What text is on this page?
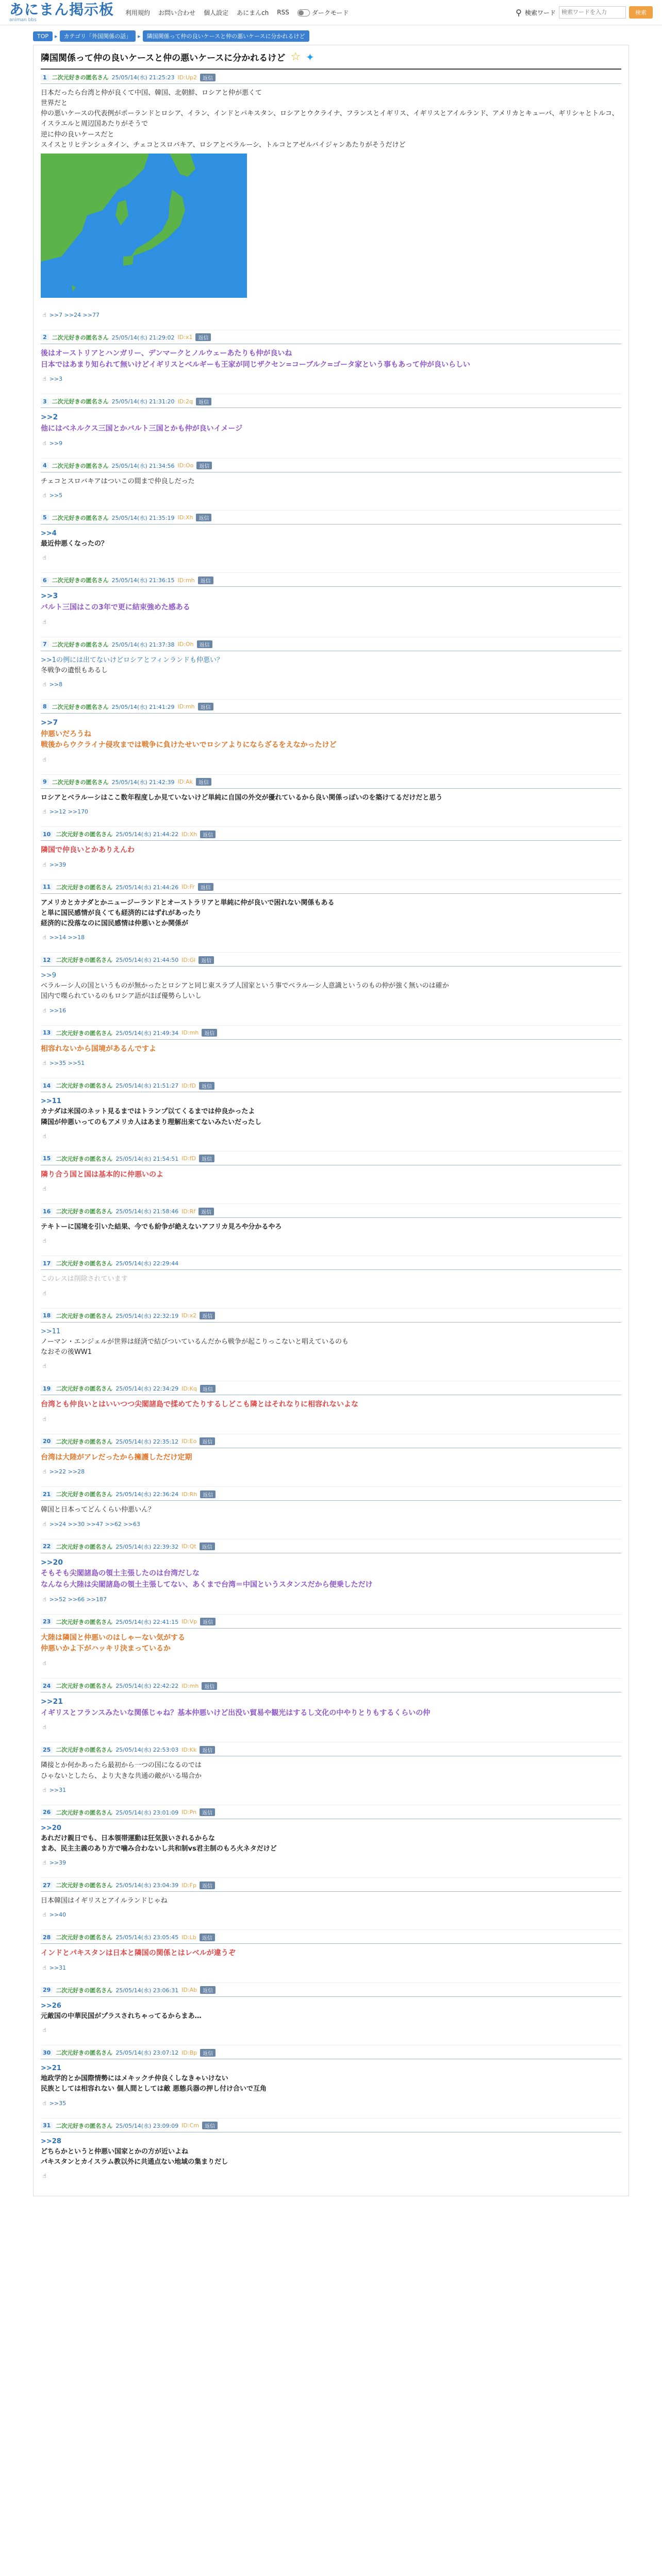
あにまん掲示板
animan bbs
利用規約 お問い合わせ 個人設定 あにまんch RSS	ダークモード	⚲ 検索ワード
検索ワードを入力	検索
TOP	▸	カテゴリ「外国関係の話」	▸	隣国関係って仲の良いケースと仲の悪いケースに分かれるけど
隣国関係って仲の良いケースと仲の悪いケースに分かれるけど ☆ ✦
1 二次元好きの匿名さん 25/05/14(水) 21:25:23 ID:Up2	返信
日本だったら台湾と仲が良くて中国、韓国、北朝鮮、ロシアと仲が悪くて
世界だと
仲の悪いケースの代表例がポーランドとロシア、イラン、インドとパキスタン、ロシアとウクライナ、フランスとイギリス、イギリスとアイルランド、アメリカとキューバ、ギリシャとトルコ、イスラエルと周辺国あたりがそうで
逆に仲の良いケースだと
スイスとリヒテンシュタイン、チェコとスロバキア、ロシアとベラルーシ、トルコとアゼルバイジャンあたりがそうだけど
☝ >>7 >>24 >>77
2 二次元好きの匿名さん 25/05/14(水) 21:29:02 ID:x1	返信
後はオーストリアとハンガリー、デンマークとノルウェーあたりも仲が良いね
日本ではあまり知られて無いけどイギリスとベルギーも王家が同じザクセン=コーブルク=ゴータ家という事もあって仲が良いらしい
☝ >>3
3 二次元好きの匿名さん 25/05/14(水) 21:31:20 ID:2q	返信
>>2
他にはベネルクス三国とかバルト三国とかも仲が良いイメージ
☝ >>9
4 二次元好きの匿名さん 25/05/14(水) 21:34:56 ID:Oo	返信
チェコとスロバキアはついこの間まで仲良しだった
☝ >>5
5 二次元好きの匿名さん 25/05/14(水) 21:35:19 ID:Xh	返信
>>4
最近仲悪くなったの？
☝
6 二次元好きの匿名さん 25/05/14(水) 21:36:15 ID:mh	返信
>>3
バルト三国はこの3年で更に結束強めた感ある
☝
7 二次元好きの匿名さん 25/05/14(水) 21:37:38 ID:Oh	返信
>>1の例には出てないけどロシアとフィンランドも仲悪い？
冬戦争の遺恨もあるし
☝ >>8
8 二次元好きの匿名さん 25/05/14(水) 21:41:29 ID:mh	返信
>>7
仲悪いだろうね
戦後からウクライナ侵攻までは戦争に負けたせいでロシアよりにならざるをえなかったけど
☝
9 二次元好きの匿名さん 25/05/14(水) 21:42:39 ID:Ak	返信
ロシアとベラルーシはここ数年程度しか見ていないけど単純に自国の外交が優れているから良い関係っぽいのを築けてるだけだと思う
☝ >>12 >>170
10 二次元好きの匿名さん 25/05/14(水) 21:44:22 ID:Xh	返信
隣国で仲良いとかありえんわ
☝ >>39
11 二次元好きの匿名さん 25/05/14(水) 21:44:26 ID:Fr	返信
アメリカとカナダとかニュージーランドとオーストラリアと単純に仲が良いで困れない関係もある
と単に国民感情が良くても経済的にはずれがあったり
経済的に没落なのに国民感情は仲悪いとか関係が
☝ >>14 >>18
12 二次元好きの匿名さん 25/05/14(水) 21:44:50 ID:Gl	返信
>>9
ベラルーシ人の国というものが無かったとロシアと同じ東スラブ人国家という事でベラルーシ人意識というのもの仲が強く無いのは確か
国内で喋られているのもロシア語がほぼ優勢らしいし
☝ >>16
13 二次元好きの匿名さん 25/05/14(水) 21:49:34 ID:mh	返信
相容れないから国境があるんですよ
☝ >>35 >>51
14 二次元好きの匿名さん 25/05/14(水) 21:51:27 ID:fD	返信
>>11
カナダは米国のネット見るまではトランプ以てくるまでは仲良かったよ
隣国が仲悪いってのもアメリカ人はあまり理解出来てないみたいだったし
☝
15 二次元好きの匿名さん 25/05/14(水) 21:54:51 ID:fD	返信
隣り合う国と国は基本的に仲悪いのよ
☝
16 二次元好きの匿名さん 25/05/14(水) 21:58:46 ID:Rf	返信
テキトーに国境を引いた結果、今でも紛争が絶えないアフリカ見ろや分かるやろ
☝
17 二次元好きの匿名さん 25/05/14(水) 22:29:44
このレスは削除されています
☝
18 二次元好きの匿名さん 25/05/14(水) 22:32:19 ID:x2	返信
>>11
ノーマン・エンジェルが世界は経済で結びついているんだから戦争が起こりっこないと唱えているのも
なおその後WW1
☝
19 二次元好きの匿名さん 25/05/14(水) 22:34:29 ID:Kq	返信
台湾とも仲良いとはいいつつ尖閣諸島で揉めてたりするしどこも隣とはそれなりに相容れないよな
☝
20 二次元好きの匿名さん 25/05/14(水) 22:35:12 ID:Eo	返信
台湾は大陸がアレだったから擁護しただけ定期
☝ >>22 >>28
21 二次元好きの匿名さん 25/05/14(水) 22:36:24 ID:Rh	返信
韓国と日本ってどんくらい仲悪いん？
☝ >>24 >>30 >>47 >>62 >>63
22 二次元好きの匿名さん 25/05/14(水) 22:39:32 ID:Qt	返信
>>20
そもそも尖閣諸島の領土主張したのは台湾だしな
なんなら大陸は尖閣諸島の領土主張してない、あくまで台湾＝中国というスタンスだから便乗しただけ
☝ >>52 >>66 >>187
23 二次元好きの匿名さん 25/05/14(水) 22:41:15 ID:Vp	返信
大陸は隣国と仲悪いのはしゃーない気がする
仲悪いかよ下がハッキリ決まっているか
☝
24 二次元好きの匿名さん 25/05/14(水) 22:42:22 ID:mh	返信
>>21
イギリスとフランスみたいな関係じゃね？基本仲悪いけど出没い貿易や観光はするし文化の中やりとりもするくらいの仲
☝
25 二次元好きの匿名さん 25/05/14(水) 22:53:03 ID:Kk	返信
隣接とか何かあったら最初から一つの国になるのでは
ひゃないとしたら、より大きな共通の敵がいる場合か
☝ >>31
26 二次元好きの匿名さん 25/05/14(水) 23:01:09 ID:Pn	返信
>>20
あれだけ親日でも、日本領帯運動は狂気扱いされるからな
まあ、民主主義のあり方で噛み合わないし共和制vs君主制のもろ火ネタだけど
☝ >>39
27 二次元好きの匿名さん 25/05/14(水) 23:04:39 ID:Fp	返信
日本韓国はイギリスとアイルランドじゃね
☝ >>40
28 二次元好きの匿名さん 25/05/14(水) 23:05:45 ID:Lb	返信
インドとパキスタンは日本と隣国の関係とはレベルが違うぞ
☝ >>31
29 二次元好きの匿名さん 25/05/14(水) 23:06:31 ID:Ab	返信
>>26
元敵国の中華民国がプラスされちゃってるからまあ…
☝
30 二次元好きの匿名さん 25/05/14(水) 23:07:12 ID:Bp	返信
>>21
地政学的とか国際情勢にはメキックチ仲良くしなきゃいけない
民族としては相容れない 個人間としては敵 悪態兵器の押し付け合いで互角
☝ >>35
31 二次元好きの匿名さん 25/05/14(水) 23:09:09 ID:Cm	返信
>>28
どちらかというと仲悪い国家とかの方が近いよね
パキスタンとカイスラム教以外に共通点ない地域の集まりだし
☝
